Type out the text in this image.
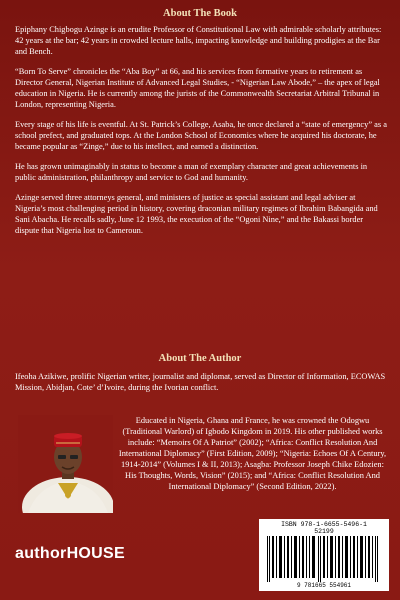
About The Book

Epiphany Chigbogu Azinge is an erudite Professor of Constitutional Law with admirable scholarly attributes: 42 years at the bar; 42 years in crowded lecture halls, impacting knowledge and building prodigies at the Bar and Bench.

“Born To Serve” chronicles the “Aba Boy” at 66, and his services from formative years to retirement as Director General, Nigerian Institute of Advanced Legal Studies, - “Nigerian Law Abode,” – the apex of legal education in Nigeria. He is currently among the jurists of the Commonwealth Secretariat Arbitral Tribunal in London, representing Nigeria.

Every stage of his life is eventful. At St. Patrick’s College, Asaba, he once declared a “state of emergency” as a school prefect, and graduated tops. At the London School of Economics where he acquired his doctorate, he became popular as “Zinge,” due to his intellect, and earned a distinction.

He has grown unimaginably in status to become a man of exemplary character and great achievements in public administration, philanthropy and service to God and humanity.

Azinge served three attorneys general, and ministers of justice as special assistant and legal adviser at Nigeria’s most challenging period in history, covering draconian military regimes of Ibrahim Babangida and Sani Abacha. He recalls sadly, June 12 1993, the execution of the “Ogoni Nine,” and the Bakassi border dispute that Nigeria lost to Cameroun.

About The Author

Ifeoha Azikiwe, prolific Nigerian writer, journalist and diplomat, served as Director of Information, ECOWAS Mission, Abidjan, Cote’ d’Ivoire, during the Ivorian conflict.

Educated in Nigeria, Ghana and France, he was crowned the Odogwu (Traditional Warlord) of Igbodo Kingdom in 2019. His other published works include: “Memoirs Of A Patriot” (2002); “Africa: Conflict Resolution And International Diplomacy” (First Edition, 2009); “Nigeria: Echoes Of A Century, 1914-2014” (Volumes I & II, 2013); Asagba: Professor Joseph Chike Edozien: His Thoughts, Words, Vision” (2015); and “Africa: Conflict Resolution And International Diplomacy” (Second Edition, 2022).

authorHOUSE
ISBN 978-1-6655-5496-1
52199
9 781665 554961
